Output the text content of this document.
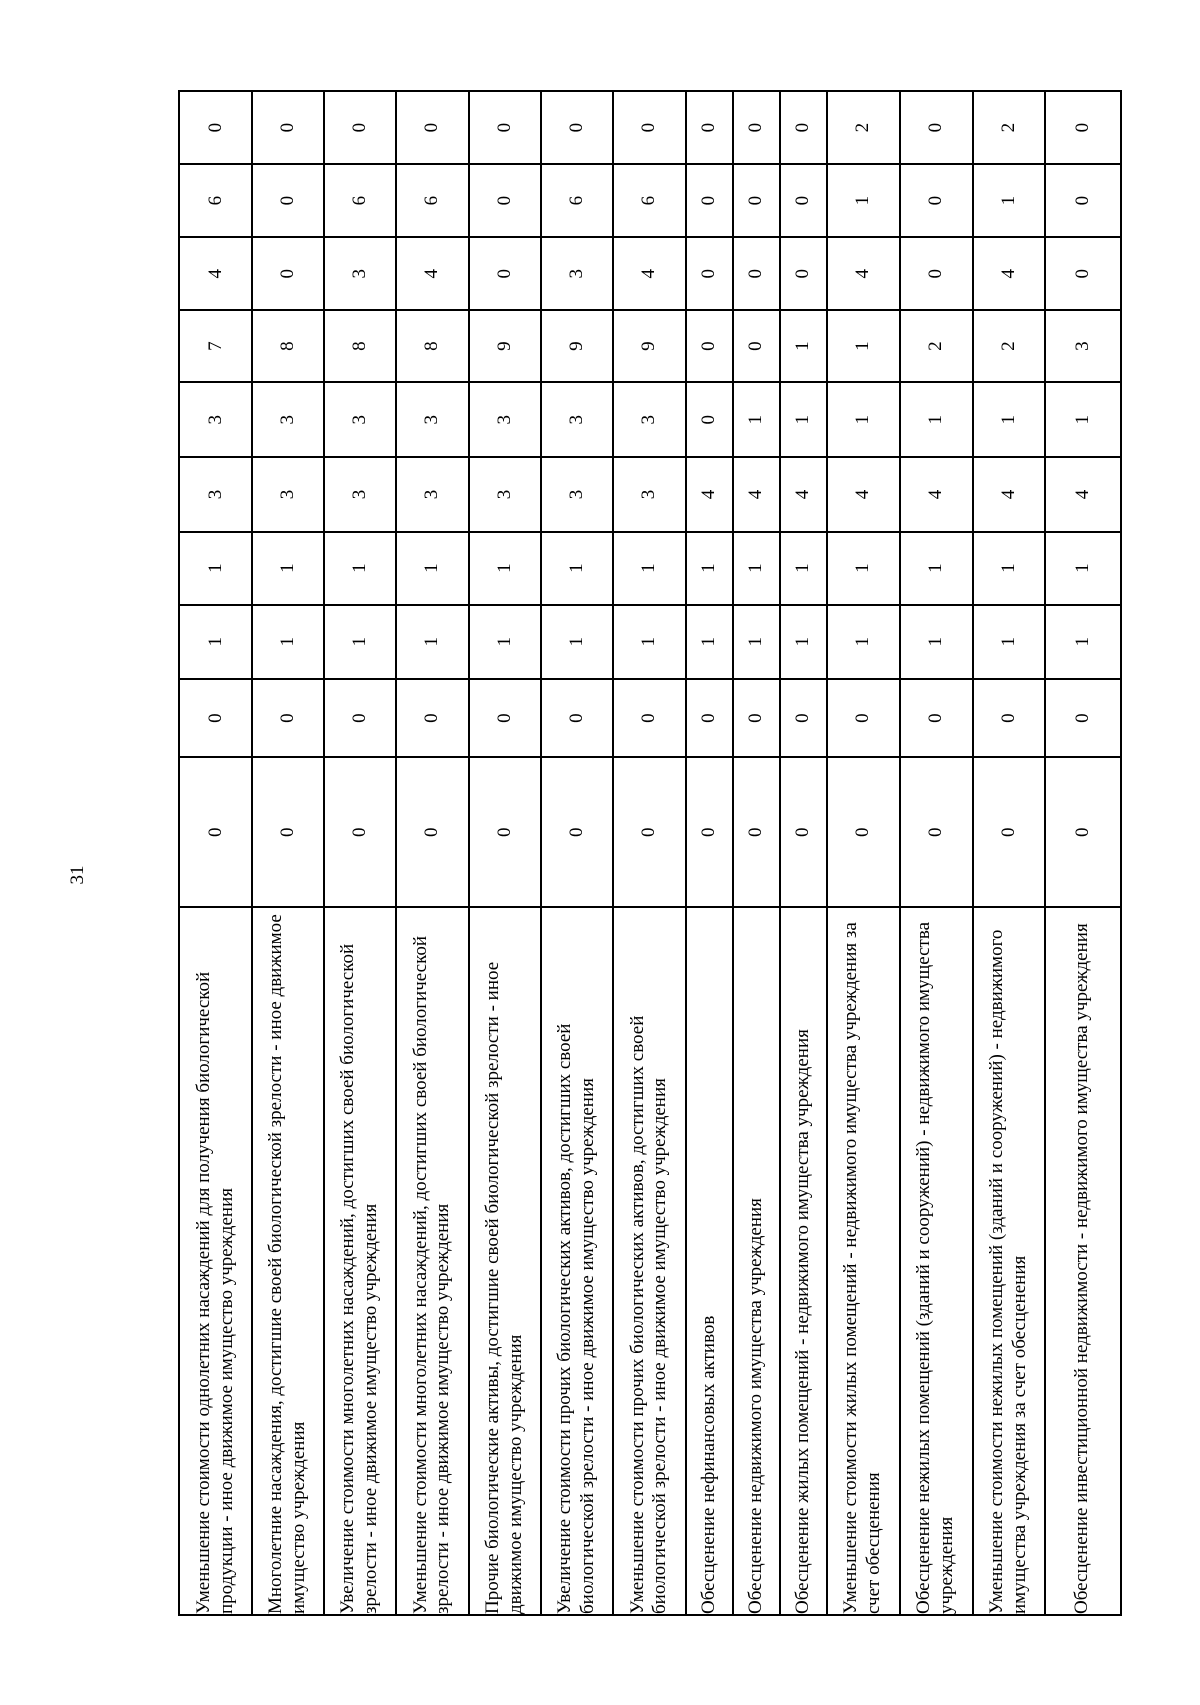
31
Уменьшение стоимости однолетних насаждений для получения биологической продукции - иное движимое имущество учреждения	0	0	1	1	3	3	7	4	6	0
Многолетние насаждения, достигшие своей биологической зрелости - иное движимое имущество учреждения	0	0	1	1	3	3	8	0	0	0
Увеличение стоимости многолетних насаждений, достигших своей биологической зрелости - иное движимое имущество учреждения	0	0	1	1	3	3	8	3	6	0
Уменьшение стоимости многолетних насаждений, достигших своей биологической зрелости - иное движимое имущество учреждения	0	0	1	1	3	3	8	4	6	0
Прочие биологические активы, достигшие своей биологической зрелости - иное движимое имущество учреждения	0	0	1	1	3	3	9	0	0	0
Увеличение стоимости прочих биологических активов, достигших своей биологической зрелости - иное движимое имущество учреждения	0	0	1	1	3	3	9	3	6	0
Уменьшение стоимости прочих биологических активов, достигших своей биологической зрелости - иное движимое имущество учреждения	0	0	1	1	3	3	9	4	6	0
Обесценение нефинансовых активов	0	0	1	1	4	0	0	0	0	0
Обесценение недвижимого имущества учреждения	0	0	1	1	4	1	0	0	0	0
Обесценение жилых помещений - недвижимого имущества учреждения	0	0	1	1	4	1	1	0	0	0
Уменьшение стоимости жилых помещений - недвижимого имущества учреждения за счет обесценения	0	0	1	1	4	1	1	4	1	2
Обесценение нежилых помещений (зданий и сооружений) - недвижимого имущества учреждения	0	0	1	1	4	1	2	0	0	0
Уменьшение стоимости нежилых помещений (зданий и сооружений) - недвижимого имущества учреждения за счет обесценения	0	0	1	1	4	1	2	4	1	2
Обесценение инвестиционной недвижимости - недвижимого имущества учреждения	0	0	1	1	4	1	3	0	0	0
